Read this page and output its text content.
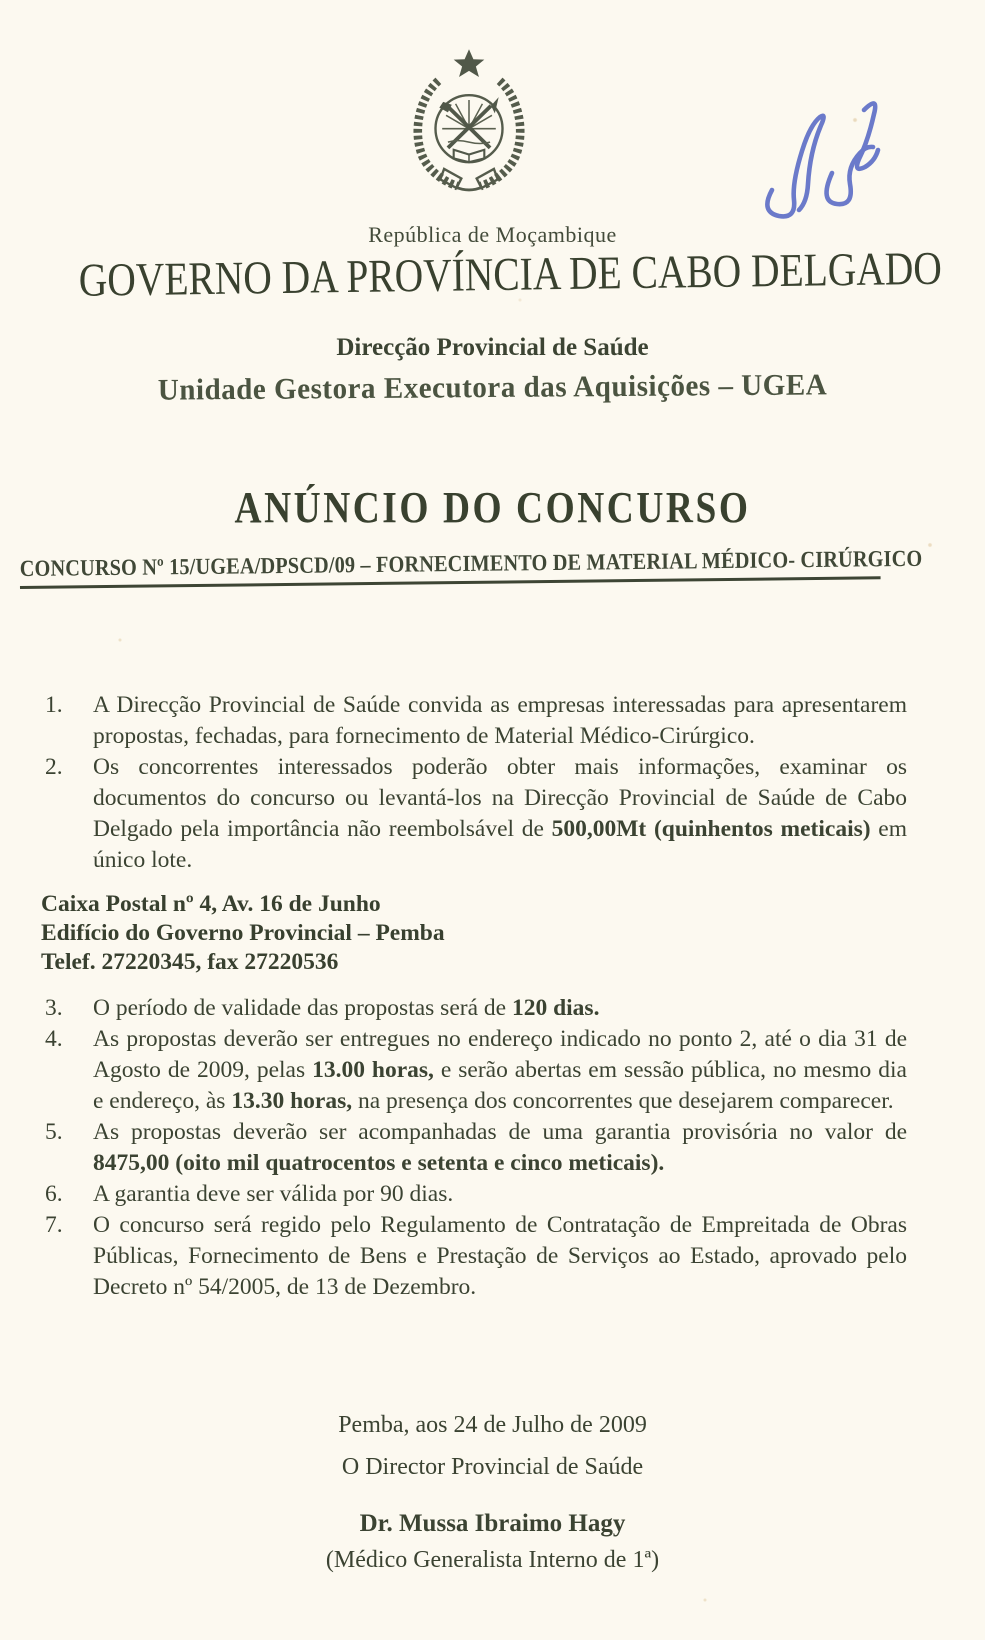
República de Moçambique
GOVERNO DA PROVÍNCIA DE CABO DELGADO
Direcção Provincial de Saúde
Unidade Gestora Executora das Aquisições – UGEA
ANÚNCIO DO CONCURSO
CONCURSO Nº 15/UGEA/DPSCD/09 – FORNECIMENTO DE MATERIAL MÉDICO- CIRÚRGICO
1.	A Direcção Provincial de Saúde convida as empresas interessadas para apresentarem propostas, fechadas, para fornecimento de Material Médico-Cirúrgico.
2.	Os concorrentes interessados poderão obter mais informações, examinar os documentos do concurso ou levantá-los na Direcção Provincial de Saúde de Cabo Delgado pela importância não reembolsável de 500,00Mt (quinhentos meticais) em único lote.
Caixa Postal nº 4, Av. 16 de Junho
Edifício do Governo Provincial – Pemba
Telef. 27220345, fax 27220536
3.	O período de validade das propostas será de 120 dias.
4.	As propostas deverão ser entregues no endereço indicado no ponto 2, até o dia 31 de Agosto de 2009, pelas 13.00 horas, e serão abertas em sessão pública, no mesmo dia e endereço, às 13.30 horas, na presença dos concorrentes que desejarem comparecer.
5.	As propostas deverão ser acompanhadas de uma garantia provisória no valor de 8475,00 (oito mil quatrocentos e setenta e cinco meticais).
6.	A garantia deve ser válida por 90 dias.
7.	O concurso será regido pelo Regulamento de Contratação de Empreitada de Obras Públicas, Fornecimento de Bens e Prestação de Serviços ao Estado, aprovado pelo Decreto nº 54/2005, de 13 de Dezembro.
Pemba, aos 24 de Julho de 2009
O Director Provincial de Saúde
Dr. Mussa Ibraimo Hagy
(Médico Generalista Interno de 1ª)
